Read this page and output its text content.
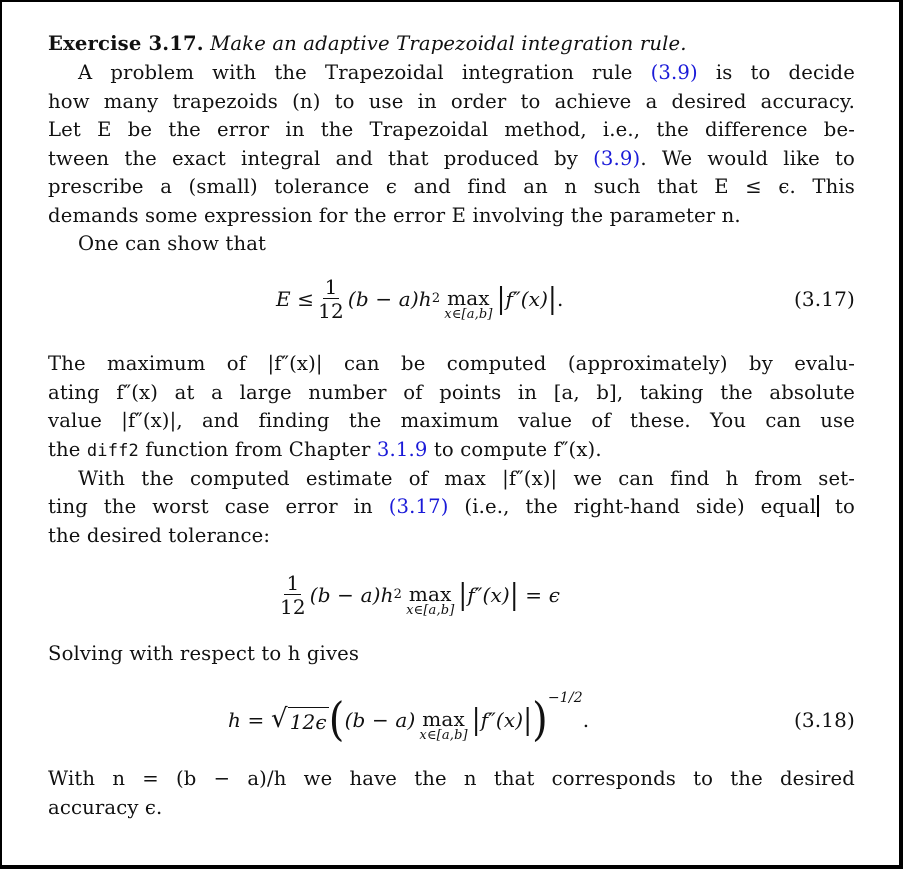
Exercise 3.17. Make an adaptive Trapezoidal integration rule.
A problem with the Trapezoidal integration rule (3.9) is to decide
how many trapezoids (n) to use in order to achieve a desired accuracy.
Let E be the error in the Trapezoidal method, i.e., the difference be-
tween the exact integral and that produced by (3.9). We would like to
prescribe a (small) tolerance ϵ and find an n such that E ≤ ϵ. This
demands some expression for the error E involving the parameter n.
One can show that
$E \le \frac{1}{12} (b - a)h$ 2 max
x∈[a,b] | f″(x) | .	(3.17)
The maximum of |f″(x)| can be computed (approximately) by evalu-
ating f″(x) at a large number of points in [a, b], taking the absolute
value |f″(x)|, and finding the maximum value of these. You can use
the diff2 function from Chapter 3.1.9 to compute f″(x).
With the computed estimate of max |f″(x)| we can find h from set-
ting the worst case error in (3.17) (i.e., the right-hand side) equal to
the desired tolerance:
$\frac{1}{12} (b - a)h$ 2 max
x∈[a,b] | f″(x) |
= ϵ
Solving with respect to h gives
h =
√ 12ϵ ( (b − a) max
x∈[a,b] | f″(x) | ) −1/2
.	(3.18)
With n = (b − a)/h we have the n that corresponds to the desired
accuracy ϵ.
